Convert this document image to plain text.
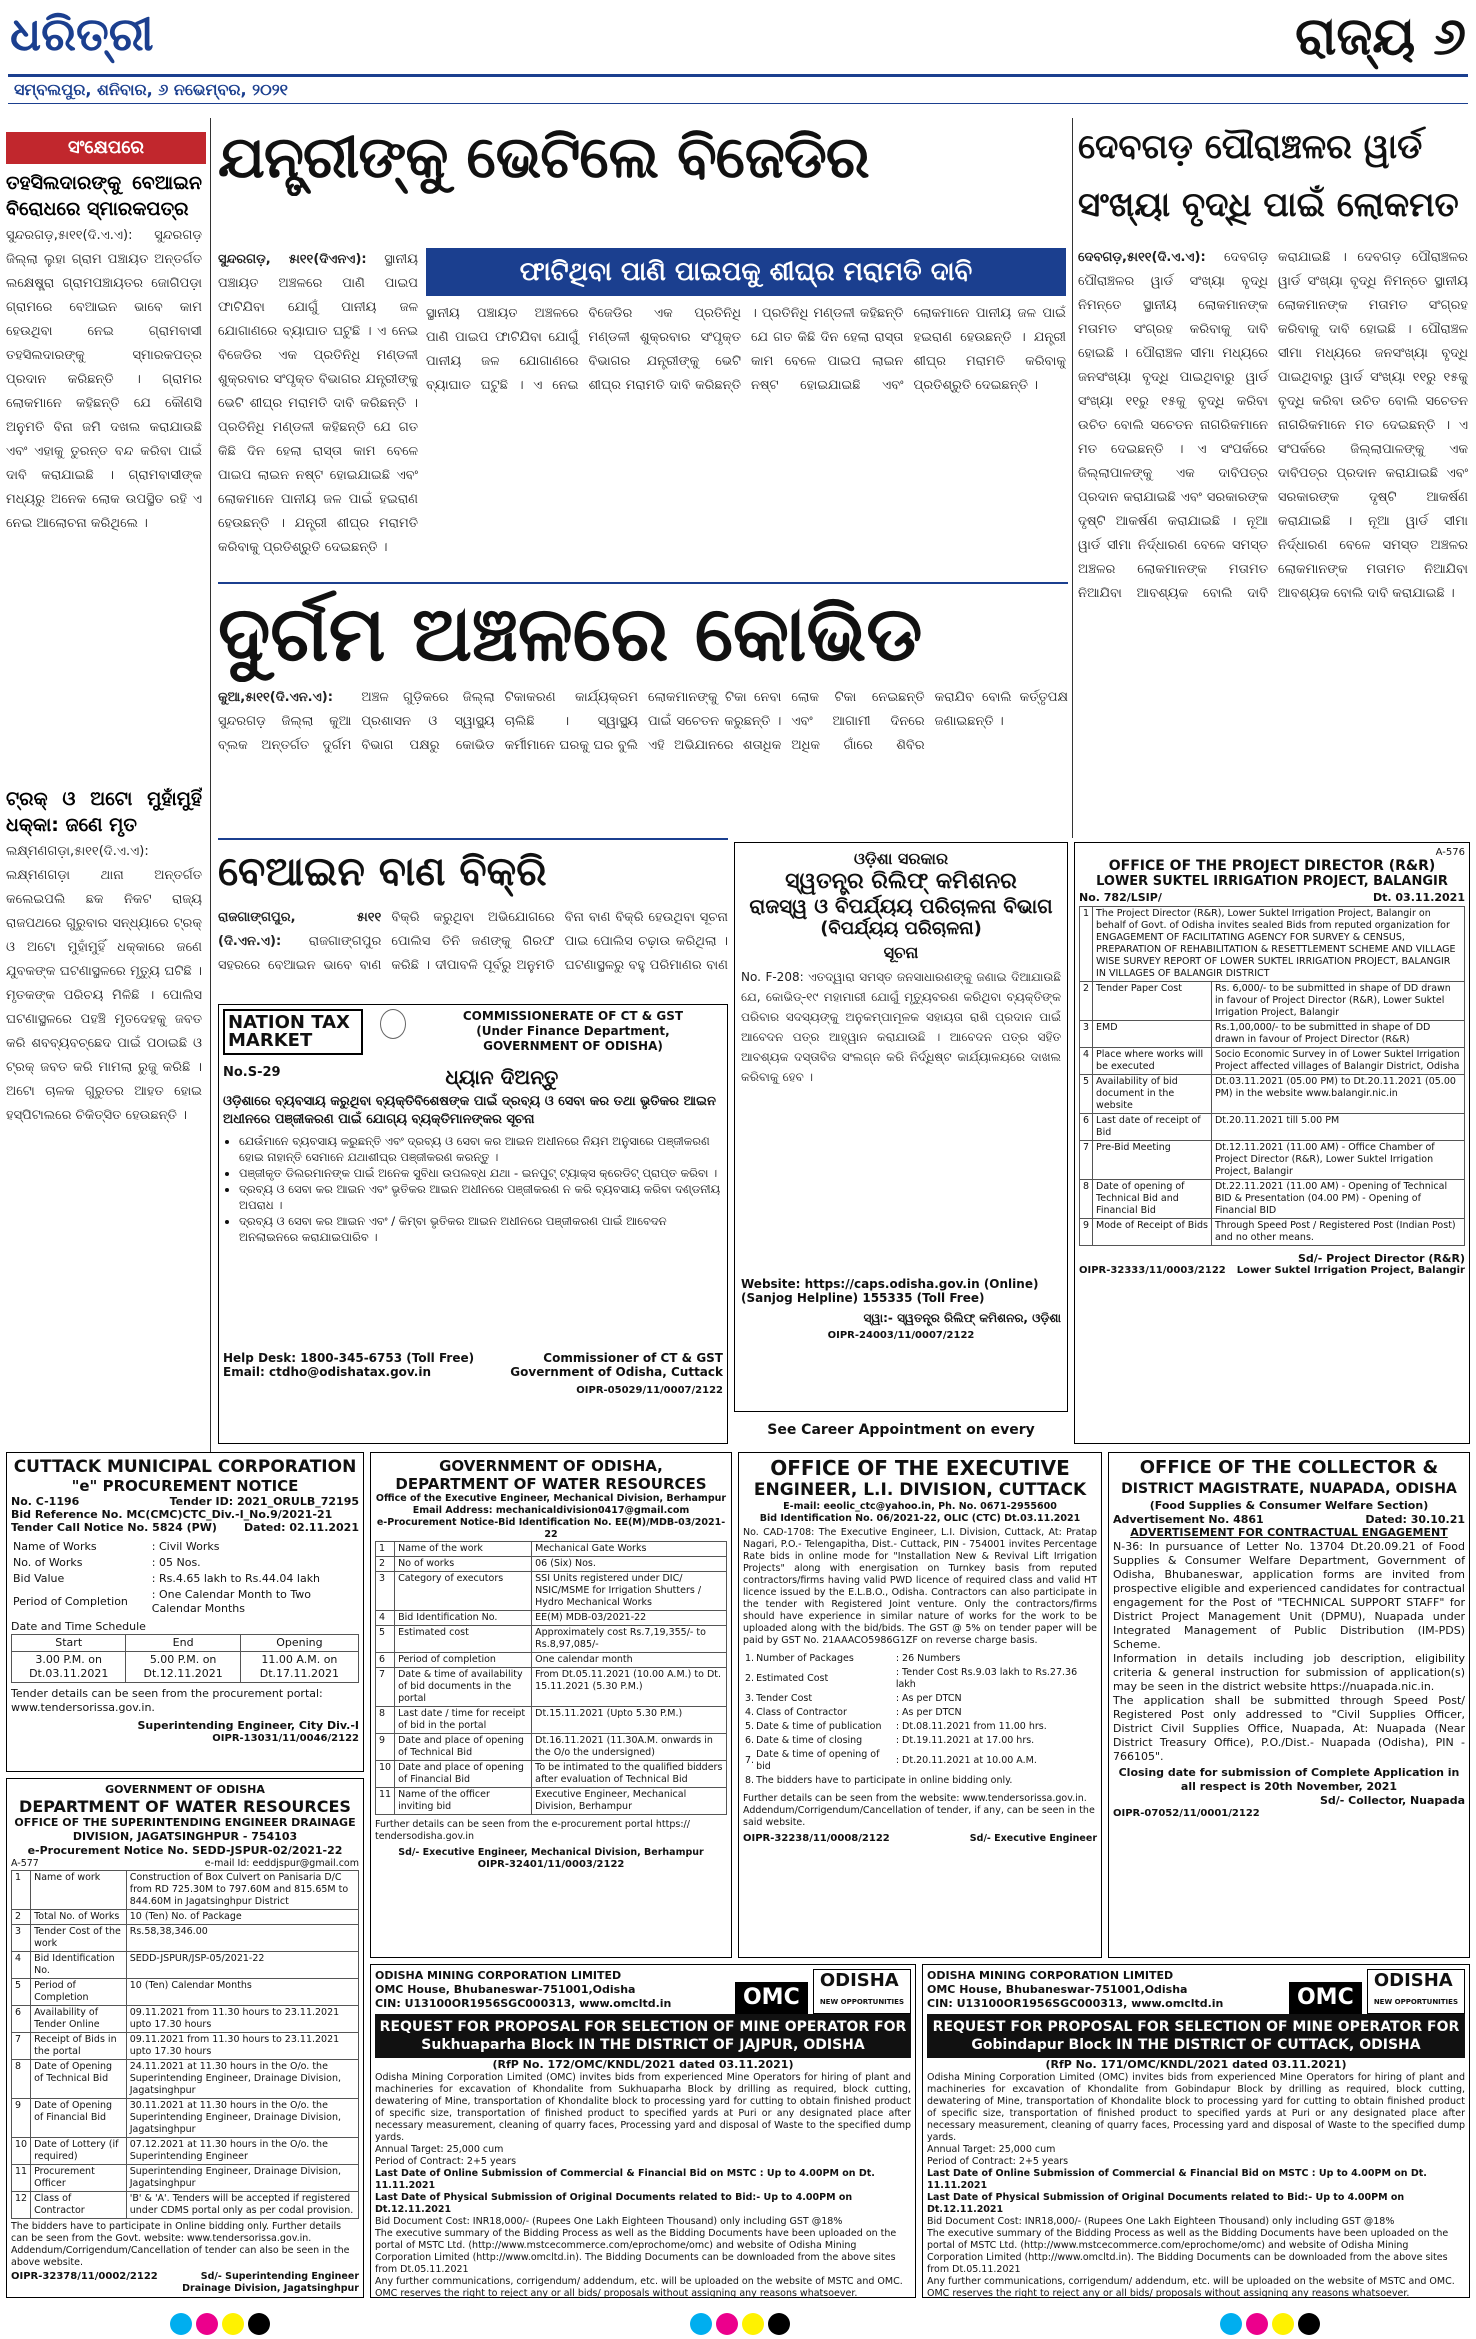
ଧରିତ୍ରୀ	ରାଜ୍ୟ ୬
ସମ୍ବଲପୁର, ଶନିବାର, ୬ ନଭେମ୍ବର, ୨୦୨୧
ସଂକ୍ଷେପରେ
ତହସିଲଦାରଙ୍କୁ ବେଆଇନ ବିରୋଧରେ ସ୍ମାରକପତ୍ର

ସୁନ୍ଦରଗଡ଼,୫ା୧୧(ଦି.ଏ.ଏ): ସୁନ୍ଦରଗଡ଼ ଜିଲ୍ଲା ଲୁହା ଗ୍ରାମ ପଞ୍ଚାୟତ ଅନ୍ତର୍ଗତ ଲକ୍ଷେଷ୍ମ୍ରା ଗ୍ରାମପଞ୍ଚାୟତର ଜୋଗିପଡ଼ା ଗ୍ରାମରେ ବେଆଇନ ଭାବେ କାମ ହେଉଥିବା ନେଇ ଗ୍ରାମବାସୀ ତହସିଲଦାରଙ୍କୁ ସ୍ମାରକପତ୍ର ପ୍ରଦାନ କରିଛନ୍ତି । ଗ୍ରାମର ଲୋକମାନେ କହିଛନ୍ତି ଯେ କୌଣସି ଅନୁମତି ବିନା ଜମି ଦଖଲ କରାଯାଉଛି ଏବଂ ଏହାକୁ ତୁରନ୍ତ ବନ୍ଦ କରିବା ପାଇଁ ଦାବି କରାଯାଇଛି । ଗ୍ରାମବାସୀଙ୍କ ମଧ୍ୟରୁ ଅନେକ ଲୋକ ଉପସ୍ଥିତ ରହି ଏ ନେଇ ଆଲୋଚନା କରିଥିଲେ ।

ଟ୍ରକ୍ ଓ ଅଟୋ ମୁହାଁମୁହିଁ ଧକ୍କା: ଜଣେ ମୃତ

ଲକ୍ଷ୍ମଣଗଡ଼ା,୫ା୧୧(ଦି.ଏ.ଏ): ଲକ୍ଷ୍ମଣଗଡ଼ା ଥାନା ଅନ୍ତର୍ଗତ କଲେଇପଲି ଛକ ନିକଟ ରାଜ୍ୟ ରାଜପଥରେ ଗୁରୁବାର ସନ୍ଧ୍ୟାରେ ଟ୍ରକ୍ ଓ ଅଟୋ ମୁହାଁମୁହିଁ ଧକ୍କାରେ ଜଣେ ଯୁବକଙ୍କ ଘଟଣାସ୍ଥଳରେ ମୃତ୍ୟୁ ଘଟିଛି । ମୃତକଙ୍କ ପରିଚୟ ମିଳିଛି । ପୋଲିସ ଘଟଣାସ୍ଥଳରେ ପହଞ୍ଚି ମୃତଦେହକୁ ଜବତ କରି ଶବବ୍ୟବଚ୍ଛେଦ ପାଇଁ ପଠାଇଛି ଓ ଟ୍ରକ୍ ଜବତ କରି ମାମଲା ରୁଜୁ କରିଛି । ଅଟୋ ଚାଳକ ଗୁରୁତର ଆହତ ହୋଇ ହସ୍ପିଟାଲରେ ଚିକିତ୍ସିତ ହେଉଛନ୍ତି ।

ଯନ୍ତ୍ରୀଙ୍କୁ ଭେଟିଲେ ବିଜେଡିର
ଫାଟିଥିବା ପାଣି ପାଇପକୁ ଶୀଘ୍ର ମରାମତି ଦାବି
ସୁନ୍ଦରଗଡ଼, ୫ା୧୧(ଦିଏନଏ): ସ୍ଥାନୀୟ ପଞ୍ଚାୟତ ଅଞ୍ଚଳରେ ପାଣି ପାଇପ ଫାଟିଯିବା ଯୋଗୁଁ ପାନୀୟ ଜଳ ଯୋଗାଣରେ ବ୍ୟାଘାତ ଘଟୁଛି । ଏ ନେଇ ବିଜେଡିର ଏକ ପ୍ରତିନିଧି ମଣ୍ଡଳୀ ଶୁକ୍ରବାର ସଂପୃକ୍ତ ବିଭାଗର ଯନ୍ତ୍ରୀଙ୍କୁ ଭେଟି ଶୀଘ୍ର ମରାମତି ଦାବି କରିଛନ୍ତି । ପ୍ରତିନିଧି ମଣ୍ଡଳୀ କହିଛନ୍ତି ଯେ ଗତ କିଛି ଦିନ ହେଲା ରାସ୍ତା କାମ ବେଳେ ପାଇପ ଲାଇନ ନଷ୍ଟ ହୋଇଯାଇଛି ଏବଂ ଲୋକମାନେ ପାନୀୟ ଜଳ ପାଇଁ ହଇରାଣ ହେଉଛନ୍ତି । ଯନ୍ତ୍ରୀ ଶୀଘ୍ର ମରାମତି କରିବାକୁ ପ୍ରତିଶ୍ରୁତି ଦେଇଛନ୍ତି ।
ସ୍ଥାନୀୟ ପଞ୍ଚାୟତ ଅଞ୍ଚଳରେ ପାଣି ପାଇପ ଫାଟିଯିବା ଯୋଗୁଁ ପାନୀୟ ଜଳ ଯୋଗାଣରେ ବ୍ୟାଘାତ ଘଟୁଛି । ଏ ନେଇ ବିଜେଡିର ଏକ ପ୍ରତିନିଧି ମଣ୍ଡଳୀ ଶୁକ୍ରବାର ସଂପୃକ୍ତ ବିଭାଗର ଯନ୍ତ୍ରୀଙ୍କୁ ଭେଟି ଶୀଘ୍ର ମରାମତି ଦାବି କରିଛନ୍ତି । ପ୍ରତିନିଧି ମଣ୍ଡଳୀ କହିଛନ୍ତି ଯେ ଗତ କିଛି ଦିନ ହେଲା ରାସ୍ତା କାମ ବେଳେ ପାଇପ ଲାଇନ ନଷ୍ଟ ହୋଇଯାଇଛି ଏବଂ ଲୋକମାନେ ପାନୀୟ ଜଳ ପାଇଁ ହଇରାଣ ହେଉଛନ୍ତି । ଯନ୍ତ୍ରୀ ଶୀଘ୍ର ମରାମତି କରିବାକୁ ପ୍ରତିଶ୍ରୁତି ଦେଇଛନ୍ତି ।
ଦେବଗଡ଼ ପୌରାଞ୍ଚଳର ୱାର୍ଡ ସଂଖ୍ୟା ବୃଦ୍ଧି ପାଇଁ ଲୋକମତ
ଦେବଗଡ଼,୫ା୧୧(ଦି.ଏ.ଏ): ଦେବଗଡ଼ ପୌରାଞ୍ଚଳର ୱାର୍ଡ ସଂଖ୍ୟା ବୃଦ୍ଧି ନିମନ୍ତେ ସ୍ଥାନୀୟ ଲୋକମାନଙ୍କ ମତାମତ ସଂଗ୍ରହ କରିବାକୁ ଦାବି ହୋଇଛି । ପୌରାଞ୍ଚଳ ସୀମା ମଧ୍ୟରେ ଜନସଂଖ୍ୟା ବୃଦ୍ଧି ପାଇଥିବାରୁ ୱାର୍ଡ ସଂଖ୍ୟା ୧୧ରୁ ୧୫କୁ ବୃଦ୍ଧି କରିବା ଉଚିତ ବୋଲି ସଚେତନ ନାଗରିକମାନେ ମତ ଦେଇଛନ୍ତି । ଏ ସଂପର୍କରେ ଜିଲ୍ଲାପାଳଙ୍କୁ ଏକ ଦାବିପତ୍ର ପ୍ରଦାନ କରାଯାଇଛି ଏବଂ ସରକାରଙ୍କ ଦୃଷ୍ଟି ଆକର୍ଷଣ କରାଯାଇଛି । ନୂଆ ୱାର୍ଡ ସୀମା ନିର୍ଦ୍ଧାରଣ ବେଳେ ସମସ୍ତ ଅଞ୍ଚଳର ଲୋକମାନଙ୍କ ମତାମତ ନିଆଯିବା ଆବଶ୍ୟକ ବୋଲି ଦାବି କରାଯାଇଛି । ଦେବଗଡ଼ ପୌରାଞ୍ଚଳର ୱାର୍ଡ ସଂଖ୍ୟା ବୃଦ୍ଧି ନିମନ୍ତେ ସ୍ଥାନୀୟ ଲୋକମାନଙ୍କ ମତାମତ ସଂଗ୍ରହ କରିବାକୁ ଦାବି ହୋଇଛି । ପୌରାଞ୍ଚଳ ସୀମା ମଧ୍ୟରେ ଜନସଂଖ୍ୟା ବୃଦ୍ଧି ପାଇଥିବାରୁ ୱାର୍ଡ ସଂଖ୍ୟା ୧୧ରୁ ୧୫କୁ ବୃଦ୍ଧି କରିବା ଉଚିତ ବୋଲି ସଚେତନ ନାଗରିକମାନେ ମତ ଦେଇଛନ୍ତି । ଏ ସଂପର୍କରେ ଜିଲ୍ଲାପାଳଙ୍କୁ ଏକ ଦାବିପତ୍ର ପ୍ରଦାନ କରାଯାଇଛି ଏବଂ ସରକାରଙ୍କ ଦୃଷ୍ଟି ଆକର୍ଷଣ କରାଯାଇଛି । ନୂଆ ୱାର୍ଡ ସୀମା ନିର୍ଦ୍ଧାରଣ ବେଳେ ସମସ୍ତ ଅଞ୍ଚଳର ଲୋକମାନଙ୍କ ମତାମତ ନିଆଯିବା ଆବଶ୍ୟକ ବୋଲି ଦାବି କରାଯାଇଛି ।
ଦୁର୍ଗମ ଅଞ୍ଚଳରେ କୋଭିଡ
କୁଆ,୫ା୧୧(ଦି.ଏନ.ଏ): ସୁନ୍ଦରଗଡ଼ ଜିଲ୍ଲା କୁଆ ବ୍ଲକ ଅନ୍ତର୍ଗତ ଦୁର୍ଗମ ଅଞ୍ଚଳ ଗୁଡ଼ିକରେ ଜିଲ୍ଲା ପ୍ରଶାସନ ଓ ସ୍ୱାସ୍ଥ୍ୟ ବିଭାଗ ପକ୍ଷରୁ କୋଭିଡ ଟିକାକରଣ କାର୍ଯ୍ୟକ୍ରମ ଚାଲିଛି । ସ୍ୱାସ୍ଥ୍ୟ କର୍ମୀମାନେ ଘରକୁ ଘର ବୁଲି ଲୋକମାନଙ୍କୁ ଟିକା ନେବା ପାଇଁ ସଚେତନ କରୁଛନ୍ତି । ଏହି ଅଭିଯାନରେ ଶତାଧିକ ଲୋକ ଟିକା ନେଇଛନ୍ତି ଏବଂ ଆଗାମୀ ଦିନରେ ଅଧିକ ଗାଁରେ ଶିବିର କରାଯିବ ବୋଲି କର୍ତ୍ତୃପକ୍ଷ ଜଣାଇଛନ୍ତି ।
ବେଆଇନ ବାଣ ବିକ୍ରି
ରାଜଗାଙ୍ଗପୁର, ୫ା୧୧ (ଦି.ଏନ.ଏ): ରାଜଗାଙ୍ଗପୁର ସହରରେ ବେଆଇନ ଭାବେ ବାଣ ବିକ୍ରି କରୁଥିବା ଅଭିଯୋଗରେ ପୋଲିସ ତିନି ଜଣଙ୍କୁ ଗିରଫ କରିଛି । ଦୀପାବଳି ପୂର୍ବରୁ ଅନୁମତି ବିନା ବାଣ ବିକ୍ରି ହେଉଥିବା ସୂଚନା ପାଇ ପୋଲିସ ଚଢ଼ାଉ କରିଥିଲା । ଘଟଣାସ୍ଥଳରୁ ବହୁ ପରିମାଣର ବାଣ
NATION TAX MARKET
COMMISSIONERATE OF CT & GST
(Under Finance Department,
GOVERNMENT OF ODISHA)
No.S-29	ଧ୍ୟାନ ଦିଅନ୍ତୁ
ଓଡ଼ିଶାରେ ବ୍ୟବସାୟ କରୁଥିବା ବ୍ୟକ୍ତିବିଶେଷଙ୍କ ପାଇଁ ଦ୍ରବ୍ୟ ଓ ସେବା କର ତଥା ଭୃତିକର ଆଇନ ଅଧୀନରେ ପଞ୍ଜୀକରଣ ପାଇଁ ଯୋଗ୍ୟ ବ୍ୟକ୍ତିମାନଙ୍କର ସୂଚନା
• ଯେଉଁମାନେ ବ୍ୟବସାୟ କରୁଛନ୍ତି ଏବଂ ଦ୍ରବ୍ୟ ଓ ସେବା କର ଆଇନ ଅଧୀନରେ ନିୟମ ଅନୁସାରେ ପଞ୍ଜୀକରଣ ହୋଇ ନାହାନ୍ତି ସେମାନେ ଯଥାଶୀଘ୍ର ପଞ୍ଜୀକରଣ କରନ୍ତୁ ।
• ପଞ୍ଜୀକୃତ ଡିଲରମାନଙ୍କ ପାଇଁ ଅନେକ ସୁବିଧା ଉପଲବ୍ଧ ଯଥା - ଇନପୁଟ୍ ଟ୍ୟାକ୍ସ କ୍ରେଡିଟ୍ ପ୍ରାପ୍ତ କରିବା ।
• ଦ୍ରବ୍ୟ ଓ ସେବା କର ଆଇନ ଏବଂ ଭୃତିକର ଆଇନ ଅଧୀନରେ ପଞ୍ଜୀକରଣ ନ କରି ବ୍ୟବସାୟ କରିବା ଦଣ୍ଡନୀୟ ଅପରାଧ ।
• ଦ୍ରବ୍ୟ ଓ ସେବା କର ଆଇନ ଏବଂ / କିମ୍ବା ଭୃତିକର ଆଇନ ଅଧୀନରେ ପଞ୍ଜୀକରଣ ପାଇଁ ଆବେଦନ ଅନଲାଇନରେ କରାଯାଇପାରିବ ।
Help Desk: 1800-345-6753 (Toll Free)
Email: ctdho@odishatax.gov.in
Commissioner of CT & GST
Government of Odisha, Cuttack
OIPR-05029/11/0007/2122
ଓଡ଼ିଶା ସରକାର
ସ୍ୱତନ୍ତ୍ର ରିଲିଫ୍ କମିଶନର
ରାଜସ୍ୱ ଓ ବିପର୍ଯ୍ୟୟ ପରିଚାଳନା ବିଭାଗ
(ବିପର୍ଯ୍ୟୟ ପରିଚାଳନା)
ସୂଚନା
No. F-208: ଏତଦ୍ୱାରା ସମସ୍ତ ଜନସାଧାରଣଙ୍କୁ ଜଣାଇ ଦିଆଯାଉଛି ଯେ, କୋଭିଡ୍-୧୯ ମହାମାରୀ ଯୋଗୁଁ ମୃତ୍ୟୁବରଣ କରିଥିବା ବ୍ୟକ୍ତିଙ୍କ ପରିବାର ସଦସ୍ୟଙ୍କୁ ଅନୁକମ୍ପାମୂଳକ ସହାୟତା ରାଶି ପ୍ରଦାନ ପାଇଁ ଆବେଦନ ପତ୍ର ଆହ୍ୱାନ କରାଯାଉଛି । ଆବେଦନ ପତ୍ର ସହିତ ଆବଶ୍ୟକ ଦସ୍ତାବିଜ ସଂଲଗ୍ନ କରି ନିର୍ଦ୍ଧିଷ୍ଟ କାର୍ଯ୍ୟାଳୟରେ ଦାଖଲ କରିବାକୁ ହେବ ।
Website: https://caps.odisha.gov.in (Online)
(Sanjog Helpline) 155335 (Toll Free)
ସ୍ୱା:- ସ୍ୱତନ୍ତ୍ର ରିଲିଫ୍ କମିଶନର, ଓଡ଼ିଶା
OIPR-24003/11/0007/2122
See Career Appointment on every
A-576
OFFICE OF THE PROJECT DIRECTOR (R&R)
LOWER SUKTEL IRRIGATION PROJECT, BALANGIR
No. 782/LSIP/	Dt. 03.11.2021
1	The Project Director (R&R), Lower Suktel Irrigation Project, Balangir on behalf of Govt. of Odisha invites sealed Bids from reputed organization for ENGAGEMENT OF FACILITATING AGENCY FOR SURVEY & CENSUS, PREPARATION OF REHABILITATION & RESETTLEMENT SCHEME AND VILLAGE WISE SURVEY REPORT OF LOWER SUKTEL IRRIGATION PROJECT, BALANGIR IN VILLAGES OF BALANGIR DISTRICT	
2	Tender Paper Cost	Rs. 6,000/- to be submitted in shape of DD drawn in favour of Project Director (R&R), Lower Suktel Irrigation Project, Balangir
3	EMD	Rs.1,00,000/- to be submitted in shape of DD drawn in favour of Project Director (R&R)
4	Place where works will be executed	Socio Economic Survey in of Lower Suktel Irrigation Project affected villages of Balangir District, Odisha
5	Availability of bid document in the website	Dt.03.11.2021 (05.00 PM) to Dt.20.11.2021 (05.00 PM) in the website www.balangir.nic.in
6	Last date of receipt of Bid	Dt.20.11.2021 till 5.00 PM
7	Pre-Bid Meeting	Dt.12.11.2021 (11.00 AM) - Office Chamber of Project Director (R&R), Lower Suktel Irrigation Project, Balangir
8	Date of opening of Technical Bid and Financial Bid	Dt.22.11.2021 (11.00 AM) - Opening of Technical BID & Presentation (04.00 PM) - Opening of Financial BID
9	Mode of Receipt of Bids	Through Speed Post / Registered Post (Indian Post) and no other means.
Sd/- Project Director (R&R)
OIPR-32333/11/0003/2122 Lower Suktel Irrigation Project, Balangir
CUTTACK MUNICIPAL CORPORATION
"e" PROCUREMENT NOTICE
No. C-1196	Tender ID: 2021_ORULB_72195
Bid Reference No. MC(CMC)CTC_Div.-I_No.9/2021-21
Tender Call Notice No. 5824 (PW) Dated: 02.11.2021
Name of Works	: Civil Works
No. of Works	: 05 Nos.
Bid Value	: Rs.4.65 lakh to Rs.44.04 lakh
Period of Completion	: One Calendar Month to Two Calendar Months
Date and Time Schedule
Start	End	Opening
3.00 P.M. on Dt.03.11.2021	5.00 P.M. on Dt.12.11.2021	11.00 A.M. on Dt.17.11.2021
Tender details can be seen from the procurement portal: www.tendersorissa.gov.in.
Superintending Engineer, City Div.-I
OIPR-13031/11/0046/2122
GOVERNMENT OF ODISHA,
DEPARTMENT OF WATER RESOURCES
Office of the Executive Engineer, Mechanical Division, Berhampur
Email Address: mechanicaldivision0417@gmail.com
e-Procurement Notice-Bid Identification No. EE(M)/MDB-03/2021-22
1	Name of the work	Mechanical Gate Works
2	No of works	06 (Six) Nos.
3	Category of executors	SSI Units registered under DIC/ NSIC/MSME for Irrigation Shutters / Hydro Mechanical Works
4	Bid Identification No.	EE(M) MDB-03/2021-22
5	Estimated cost	Approximately cost Rs.7,19,355/- to Rs.8,97,085/-
6	Period of completion	One calendar month
7	Date & time of availability of bid documents in the portal	From Dt.05.11.2021 (10.00 A.M.) to Dt. 15.11.2021 (5.30 P.M.)
8	Last date / time for receipt of bid in the portal	Dt.15.11.2021 (Upto 5.30 P.M.)
9	Date and place of opening of Technical Bid	Dt.16.11.2021 (11.30A.M. onwards in the O/o the undersigned)
10	Date and place of opening of Financial Bid	To be intimated to the qualified bidders after evaluation of Technical Bid
11	Name of the officer inviting bid	Executive Engineer, Mechanical Division, Berhampur
Further details can be seen from the e-procurement portal https:// tendersodisha.gov.in
Sd/- Executive Engineer, Mechanical Division, Berhampur
OIPR-32401/11/0003/2122
OFFICE OF THE EXECUTIVE
ENGINEER, L.I. DIVISION, CUTTACK
E-mail: eeolic_ctc@yahoo.in, Ph. No. 0671-2955600
Bid Identification No. 06/2021-22, OLIC (CTC) Dt.03.11.2021
No. CAD-1708: The Executive Engineer, L.I. Division, Cuttack, At: Pratap Nagari, P.O.- Telengapitha, Dist.- Cuttack, PIN - 754001 invites Percentage Rate bids in online mode for "Installation New & Revival Lift Irrigation Projects" along with energisation on Turnkey basis from reputed contractors/firms having valid PWD licence of required class and valid HT licence issued by the E.L.B.O., Odisha. Contractors can also participate in the tender with Registered Joint venture. Only the contractors/firms should have experience in similar nature of works for the work to be uploaded along with the bid/bids. The GST @ 5% on tender paper will be paid by GST No. 21AAACO5986G1ZF on reverse charge basis.
1.	Number of Packages	: 26 Numbers
2.	Estimated Cost	: Tender Cost Rs.9.03 lakh to Rs.27.36 lakh
3.	Tender Cost	: As per DTCN
4.	Class of Contractor	: As per DTCN
5.	Date & time of publication	: Dt.08.11.2021 from 11.00 hrs.
6.	Date & time of closing	: Dt.19.11.2021 at 17.00 hrs.
7.	Date & time of opening of bid	: Dt.20.11.2021 at 10.00 A.M.
8.	The bidders have to participate in online bidding only.	
Further details can be seen from the website: www.tendersorissa.gov.in. Addendum/Corrigendum/Cancellation of tender, if any, can be seen in the said website.
OIPR-32238/11/0008/2122	Sd/- Executive Engineer
OFFICE OF THE COLLECTOR &
DISTRICT MAGISTRATE, NUAPADA, ODISHA
(Food Supplies & Consumer Welfare Section)
Advertisement No. 4861	Dated: 30.10.21
ADVERTISEMENT FOR CONTRACTUAL ENGAGEMENT
N-36: In pursuance of Letter No. 13704 Dt.20.09.21 of Food Supplies & Consumer Welfare Department, Government of Odisha, Bhubaneswar, application forms are invited from prospective eligible and experienced candidates for contractual engagement for the Post of "TECHNICAL SUPPORT STAFF" for District Project Management Unit (DPMU), Nuapada under Integrated Management of Public Distribution (IM-PDS) Scheme.
Information in details including job description, eligibility criteria & general instruction for submission of application(s) may be seen in the district website https://nuapada.nic.in.
The application shall be submitted through Speed Post/ Registered Post only addressed to "Civil Supplies Officer, District Civil Supplies Office, Nuapada, At: Nuapada (Near District Treasury Office), P.O./Dist.- Nuapada (Odisha), PIN - 766105".
Closing date for submission of Complete Application in all respect is 20th November, 2021
Sd/- Collector, Nuapada
OIPR-07052/11/0001/2122
GOVERNMENT OF ODISHA
DEPARTMENT OF WATER RESOURCES
OFFICE OF THE SUPERINTENDING ENGINEER DRAINAGE DIVISION, JAGATSINGHPUR - 754103
e-Procurement Notice No. SEDD-JSPUR-02/2021-22
A-577	e-mail Id: eeddjspur@gmail.com
1	Name of work	Construction of Box Culvert on Panisaria D/C from RD 725.30M to 797.60M and 815.65M to 844.60M in Jagatsinghpur District
2	Total No. of Works	10 (Ten) No. of Package
3	Tender Cost of the work	Rs.58,38,346.00
4	Bid Identification No.	SEDD-JSPUR/JSP-05/2021-22
5	Period of Completion	10 (Ten) Calendar Months
6	Availability of Tender Online	09.11.2021 from 11.30 hours to 23.11.2021 upto 17.30 hours
7	Receipt of Bids in the portal	09.11.2021 from 11.30 hours to 23.11.2021 upto 17.30 hours
8	Date of Opening of Technical Bid	24.11.2021 at 11.30 hours in the O/o. the Superintending Engineer, Drainage Division, Jagatsinghpur
9	Date of Opening of Financial Bid	30.11.2021 at 11.30 hours in the O/o. the Superintending Engineer, Drainage Division, Jagatsinghpur
10	Date of Lottery (if required)	07.12.2021 at 11.30 hours in the O/o. the Superintending Engineer
11	Procurement Officer	Superintending Engineer, Drainage Division, Jagatsinghpur
12	Class of Contractor	'B' & 'A'. Tenders will be accepted if registered under CDMS portal only as per codal provision.
The bidders have to participate in Online bidding only. Further details can be seen from the Govt. website: www.tendersorissa.gov.in. Addendum/Corrigendum/Cancellation of tender can also be seen in the above website.
OIPR-32378/11/0002/2122	Sd/- Superintending Engineer
Drainage Division, Jagatsinghpur
ODISHA MINING CORPORATION LIMITED
OMC House, Bhubaneswar-751001,Odisha
CIN: U13100OR1956SGC000313, www.omcltd.in	OMC ODISHA
NEW OPPORTUNITIES
REQUEST FOR PROPOSAL FOR SELECTION OF MINE OPERATOR FOR Sukhuaparha Block IN THE DISTRICT OF JAJPUR, ODISHA
(RfP No. 172/OMC/KNDL/2021 dated 03.11.2021)
Odisha Mining Corporation Limited (OMC) invites bids from experienced Mine Operators for hiring of plant and machineries for excavation of Khondalite from Sukhuaparha Block by drilling as required, block cutting, dewatering of Mine, transportation of Khondalite block to processing yard for cutting to obtain finished product of specific size, transportation of finished product to specified yards at Puri or any designated place after necessary measurement, cleaning of quarry faces, Processing yard and disposal of Waste to the specified dump yards.
Annual Target: 25,000 cum
Period of Contract: 2+5 years
Last Date of Online Submission of Commercial & Financial Bid on MSTC : Up to 4.00PM on Dt. 11.11.2021
Last Date of Physical Submission of Original Documents related to Bid:- Up to 4.00PM on Dt.12.11.2021
Bid Document Cost: INR18,000/- (Rupees One Lakh Eighteen Thousand) only including GST @18%
The executive summary of the Bidding Process as well as the Bidding Documents have been uploaded on the portal of MSTC Ltd. (http://www.mstcecommerce.com/eprochome/omc) and website of Odisha Mining Corporation Limited (http://www.omcltd.in). The Bidding Documents can be downloaded from the above sites from Dt.05.11.2021
Any further communications, corrigendum/ addendum, etc. will be uploaded on the website of MSTC and OMC. OMC reserves the right to reject any or all bids/ proposals without assigning any reasons whatsoever.
ODISHA MINING CORPORATION LIMITED
OMC House, Bhubaneswar-751001,Odisha
CIN: U13100OR1956SGC000313, www.omcltd.in	OMC ODISHA
NEW OPPORTUNITIES
REQUEST FOR PROPOSAL FOR SELECTION OF MINE OPERATOR FOR Gobindapur Block IN THE DISTRICT OF CUTTACK, ODISHA
(RfP No. 171/OMC/KNDL/2021 dated 03.11.2021)
Odisha Mining Corporation Limited (OMC) invites bids from experienced Mine Operators for hiring of plant and machineries for excavation of Khondalite from Gobindapur Block by drilling as required, block cutting, dewatering of Mine, transportation of Khondalite block to processing yard for cutting to obtain finished product of specific size, transportation of finished product to specified yards at Puri or any designated place after necessary measurement, cleaning of quarry faces, Processing yard and disposal of Waste to the specified dump yards.
Annual Target: 25,000 cum
Period of Contract: 2+5 years
Last Date of Online Submission of Commercial & Financial Bid on MSTC : Up to 4.00PM on Dt. 11.11.2021
Last Date of Physical Submission of Original Documents related to Bid:- Up to 4.00PM on Dt.12.11.2021
Bid Document Cost: INR18,000/- (Rupees One Lakh Eighteen Thousand) only including GST @18%
The executive summary of the Bidding Process as well as the Bidding Documents have been uploaded on the portal of MSTC Ltd. (http://www.mstcecommerce.com/eprochome/omc) and website of Odisha Mining Corporation Limited (http://www.omcltd.in). The Bidding Documents can be downloaded from the above sites from Dt.05.11.2021
Any further communications, corrigendum/ addendum, etc. will be uploaded on the website of MSTC and OMC. OMC reserves the right to reject any or all bids/ proposals without assigning any reasons whatsoever.
